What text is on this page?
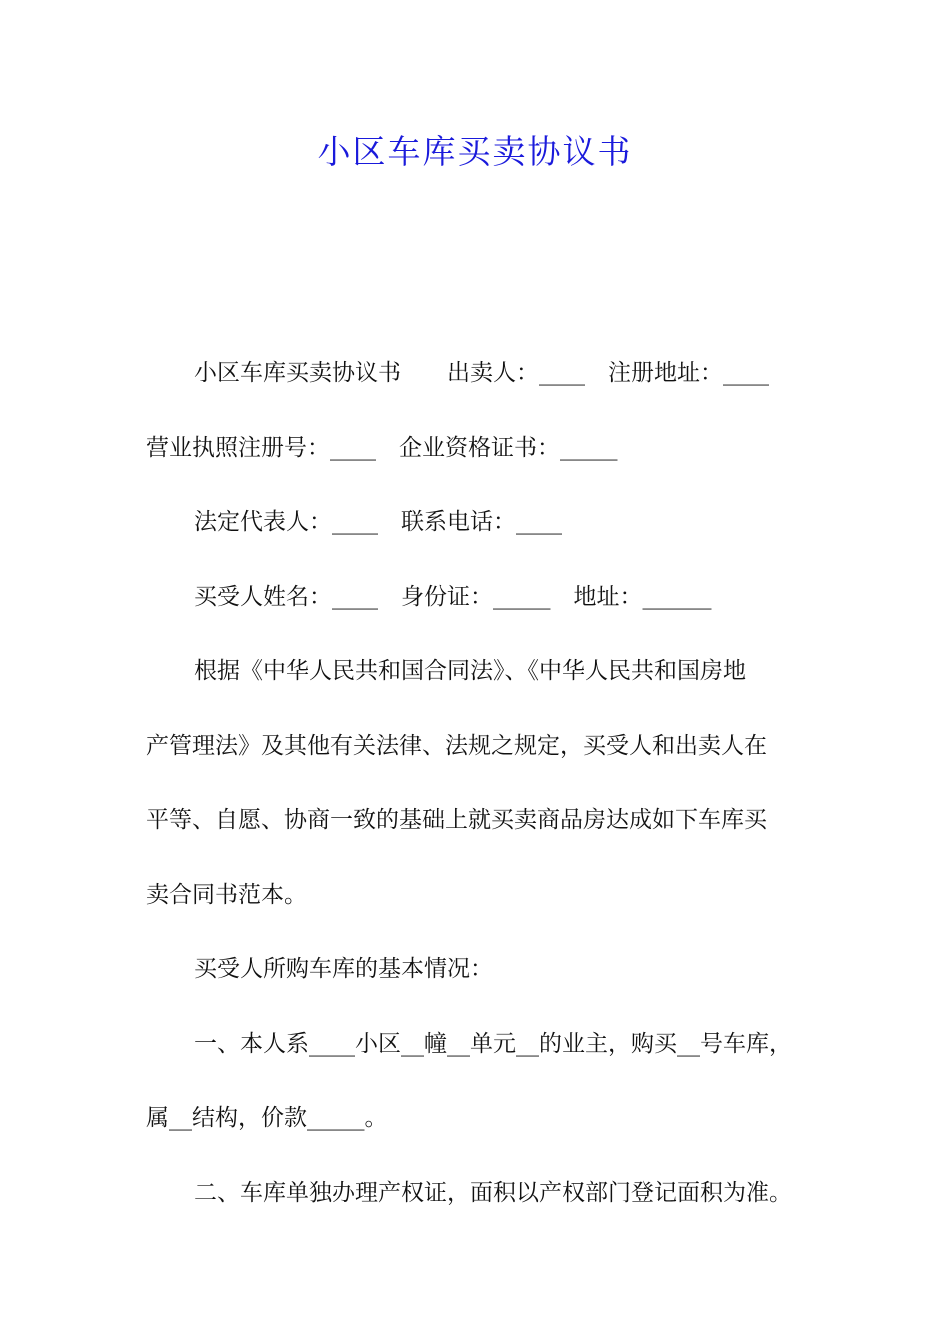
小区车库买卖协议书

小区车库买卖协议书　　出卖人：____　注册地址：____

营业执照注册号：____　企业资格证书：_____

法定代表人：____　联系电话：____

买受人姓名：____　身份证：_____　地址：______

根据《中华人民共和国合同法》、《中华人民共和国房地

产管理法》及其他有关法律、法规之规定，买受人和出卖人在

平等、自愿、协商一致的基础上就买卖商品房达成如下车库买

卖合同书范本。

买受人所购车库的基本情况：

一、本人系____小区__幢__单元__的业主，购买__号车库，

属__结构，价款_____。

二、车库单独办理产权证，面积以产权部门登记面积为准。
